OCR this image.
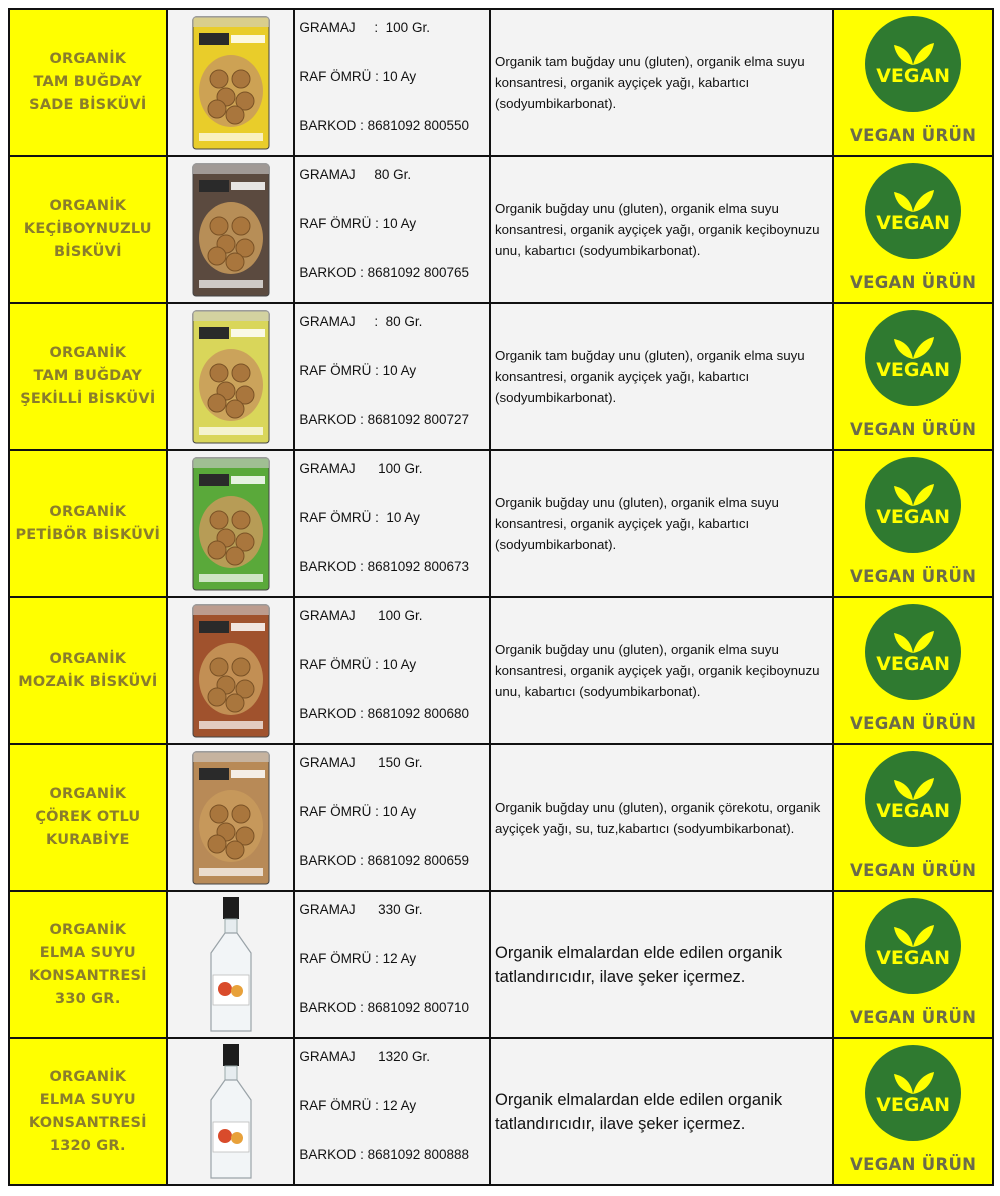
ORGANİK
TAM BUĞDAY
SADE BİSKÜVİ
GRAMAJ     :  100 Gr.
RAF ÖMRÜ : 10 Ay
BARKOD : 8681092 800550
Organik tam buğday unu (gluten), organik elma suyu konsantresi, organik ayçiçek yağı, kabartıcı (sodyumbikarbonat).
VEGAN
VEGAN ÜRÜN
ORGANİK
KEÇİBOYNUZLU
BİSKÜVİ
GRAMAJ     80 Gr.
RAF ÖMRÜ : 10 Ay
BARKOD : 8681092 800765
Organik buğday unu (gluten), organik elma suyu konsantresi, organik ayçiçek yağı, organik keçiboynuzu unu, kabartıcı (sodyumbikarbonat).
VEGAN
VEGAN ÜRÜN
ORGANİK
TAM BUĞDAY
ŞEKİLLİ BİSKÜVİ
GRAMAJ     :  80 Gr.
RAF ÖMRÜ : 10 Ay
BARKOD : 8681092 800727
Organik tam buğday unu (gluten), organik elma suyu konsantresi, organik ayçiçek yağı, kabartıcı (sodyumbikarbonat).
VEGAN
VEGAN ÜRÜN
ORGANİK
PETİBÖR BİSKÜVİ
GRAMAJ      100 Gr.
RAF ÖMRÜ :  10 Ay
BARKOD : 8681092 800673
Organik buğday unu (gluten), organik elma suyu konsantresi, organik ayçiçek yağı, kabartıcı (sodyumbikarbonat).
VEGAN
VEGAN ÜRÜN
ORGANİK
MOZAİK BİSKÜVİ
GRAMAJ      100 Gr.
RAF ÖMRÜ : 10 Ay
BARKOD : 8681092 800680
Organik buğday unu (gluten), organik elma suyu konsantresi, organik ayçiçek yağı, organik keçiboynuzu unu, kabartıcı (sodyumbikarbonat).
VEGAN
VEGAN ÜRÜN
ORGANİK
ÇÖREK OTLU
KURABİYE
GRAMAJ      150 Gr.
RAF ÖMRÜ : 10 Ay
BARKOD : 8681092 800659
Organik buğday unu (gluten), organik çörekotu, organik ayçiçek yağı, su, tuz,kabartıcı (sodyumbikarbonat).
VEGAN
VEGAN ÜRÜN
ORGANİK
ELMA SUYU
KONSANTRESİ
330 GR.
GRAMAJ      330 Gr.
RAF ÖMRÜ : 12 Ay
BARKOD : 8681092 800710
Organik elmalardan elde edilen organik tatlandırıcıdır, ilave şeker içermez.
VEGAN
VEGAN ÜRÜN
ORGANİK
ELMA SUYU
KONSANTRESİ
1320 GR.
GRAMAJ      1320 Gr.
RAF ÖMRÜ : 12 Ay
BARKOD : 8681092 800888
Organik elmalardan elde edilen organik tatlandırıcıdır, ilave şeker içermez.
VEGAN
VEGAN ÜRÜN
